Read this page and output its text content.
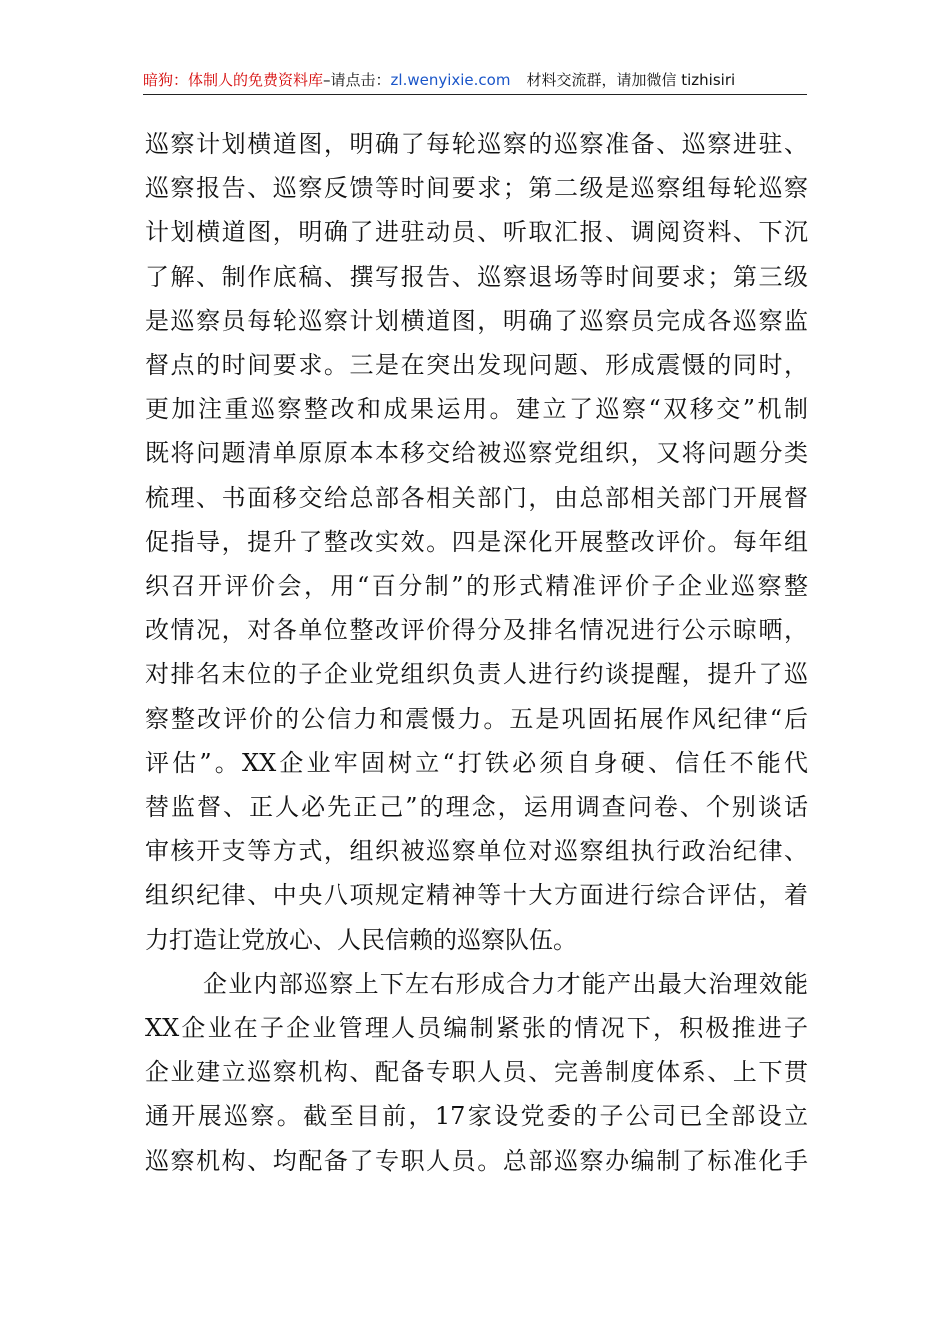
暗狗：体制人的免费资料库–请点击：zl.wenyixie.com 材料交流群，请加微信 tizhisiri
巡察计划横道图，明确了每轮巡察的巡察准备、巡察进驻、
巡察报告、巡察反馈等时间要求；第二级是巡察组每轮巡察
计划横道图，明确了进驻动员、听取汇报、调阅资料、下沉
了解、制作底稿、撰写报告、巡察退场等时间要求；第三级
是巡察员每轮巡察计划横道图，明确了巡察员完成各巡察监
督点的时间要求。三是在突出发现问题、形成震慑的同时，
更加注重巡察整改和成果运用。建立了巡察“双移交”机制
既将问题清单原原本本移交给被巡察党组织，又将问题分类
梳理、书面移交给总部各相关部门，由总部相关部门开展督
促指导，提升了整改实效。四是深化开展整改评价。每年组
织召开评价会，用“百分制”的形式精准评价子企业巡察整
改情况，对各单位整改评价得分及排名情况进行公示晾晒，
对排名末位的子企业党组织负责人进行约谈提醒，提升了巡
察整改评价的公信力和震慑力。五是巩固拓展作风纪律“后
评估”。XX企业牢固树立“打铁必须自身硬、信任不能代
替监督、正人必先正己”的理念，运用调查问卷、个别谈话
审核开支等方式，组织被巡察单位对巡察组执行政治纪律、
组织纪律、中央八项规定精神等十大方面进行综合评估，着
力打造让党放心、人民信赖的巡察队伍。
企业内部巡察上下左右形成合力才能产出最大治理效能
XX企业在子企业管理人员编制紧张的情况下，积极推进子
企业建立巡察机构、配备专职人员、完善制度体系、上下贯
通开展巡察。截至目前，17家设党委的子公司已全部设立
巡察机构、均配备了专职人员。总部巡察办编制了标准化手
